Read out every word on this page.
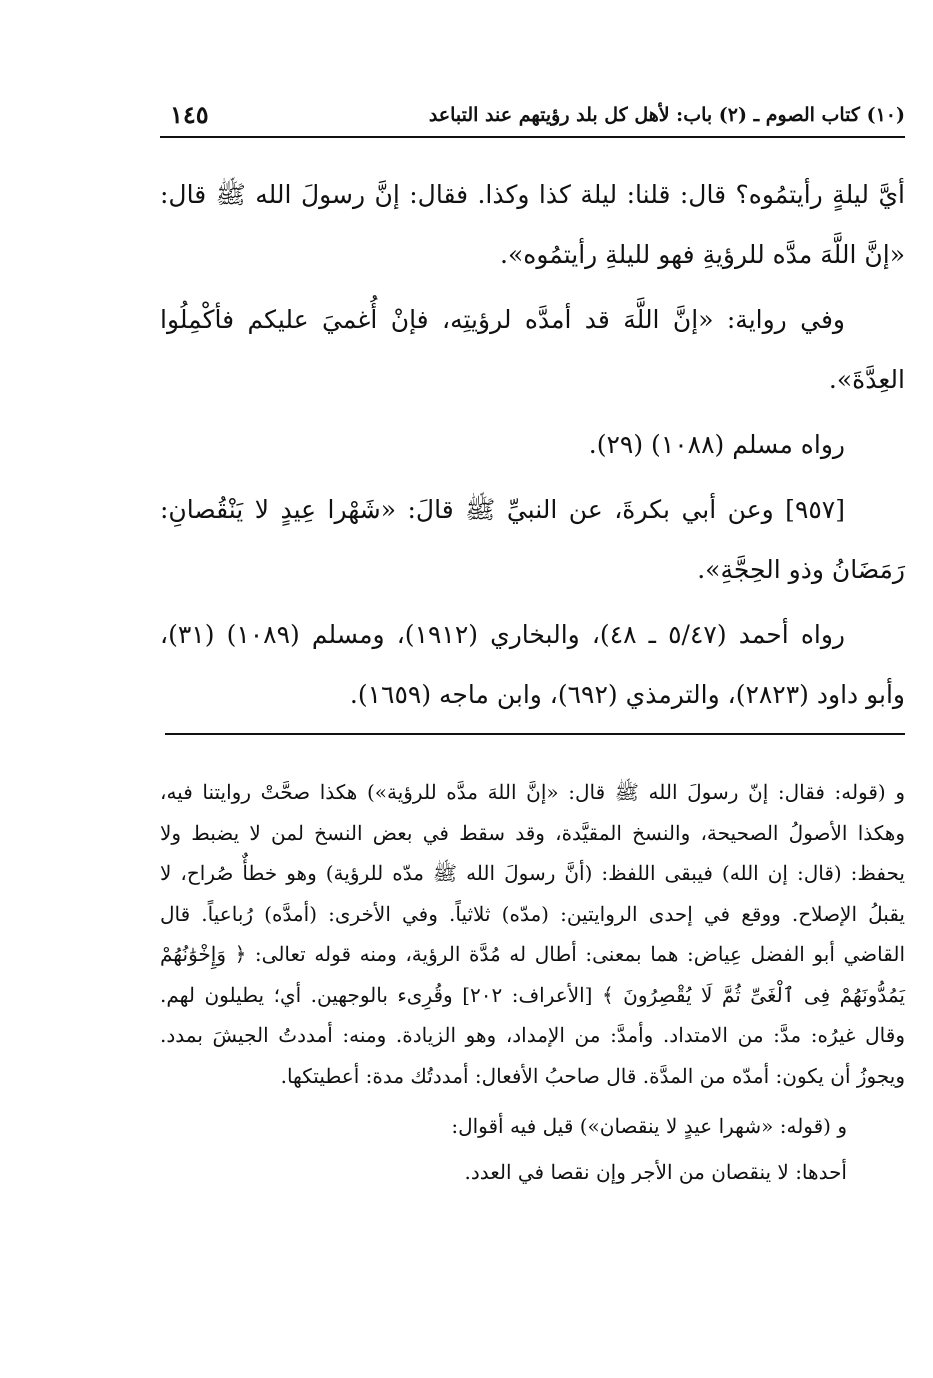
(١٠) كتاب الصوم ـ (٢) باب: لأهل كل بلد رؤيتهم عند التباعد
١٤٥

أيَّ ليلةٍ رأيتمُوه؟ قال: قلنا: ليلة كذا وكذا. فقال: إنَّ رسولَ الله ﷺ قال: «إنَّ اللَّهَ مدَّه للرؤيةِ فهو لليلةِ رأيتمُوه».

وفي رواية: «إنَّ اللَّهَ قد أمدَّه لرؤيتِه، فإنْ أُغميَ عليكم فأكْمِلُوا العِدَّةَ».

رواه مسلم (١٠٨٨) (٢٩).

[٩٥٧] وعن أبي بكرةَ، عن النبيِّ ﷺ قالَ: «شَهْرا عِيدٍ لا يَنْقُصانِ: رَمَضَانُ وذو الحِجَّةِ».

رواه أحمد (٥/٤٧ ـ ٤٨)، والبخاري (١٩١٢)، ومسلم (١٠٨٩) (٣١)، وأبو داود (٢٨٢٣)، والترمذي (٦٩٢)، وابن ماجه (١٦٥٩).

و (قوله: فقال: إنّ رسولَ الله ﷺ قال: «إنَّ اللهَ مدَّه للرؤية») هكذا صحَّتْ روايتنا فيه، وهكذا الأصولُ الصحيحة، والنسخ المقيَّدة، وقد سقط في بعض النسخ لمن لا يضبط ولا يحفظ: (قال: إن الله) فيبقى اللفظ: (أنَّ رسولَ الله ﷺ مدّه للرؤية) وهو خطأٌ صُراح، لا يقبلُ الإصلاح. ووقع في إحدى الروايتين: (مدّه) ثلاثياً. وفي الأخرى: (أمدَّه) رُباعياً. قال القاضي أبو الفضل عِياض: هما بمعنى: أطال له مُدَّة الرؤية، ومنه قوله تعالى: ﴿ وَإِخْوَٰنُهُمْ يَمُدُّونَهُمْ فِى ٱلْغَىِّ ثُمَّ لَا يُقْصِرُونَ ﴾ [الأعراف: ٢٠٢] وقُرِىء بالوجهين. أي؛ يطيلون لهم. وقال غيرُه: مدَّ: من الامتداد. وأمدَّ: من الإمداد، وهو الزيادة. ومنه: أمددتُ الجيشَ بمدد. ويجوزُ أن يكون: أمدّه من المدَّة. قال صاحبُ الأفعال: أمددتُك مدة: أعطيتكها.

و (قوله: «شهرا عيدٍ لا ينقصان») قيل فيه أقوال:

أحدها: لا ينقصان من الأجر وإن نقصا في العدد.
